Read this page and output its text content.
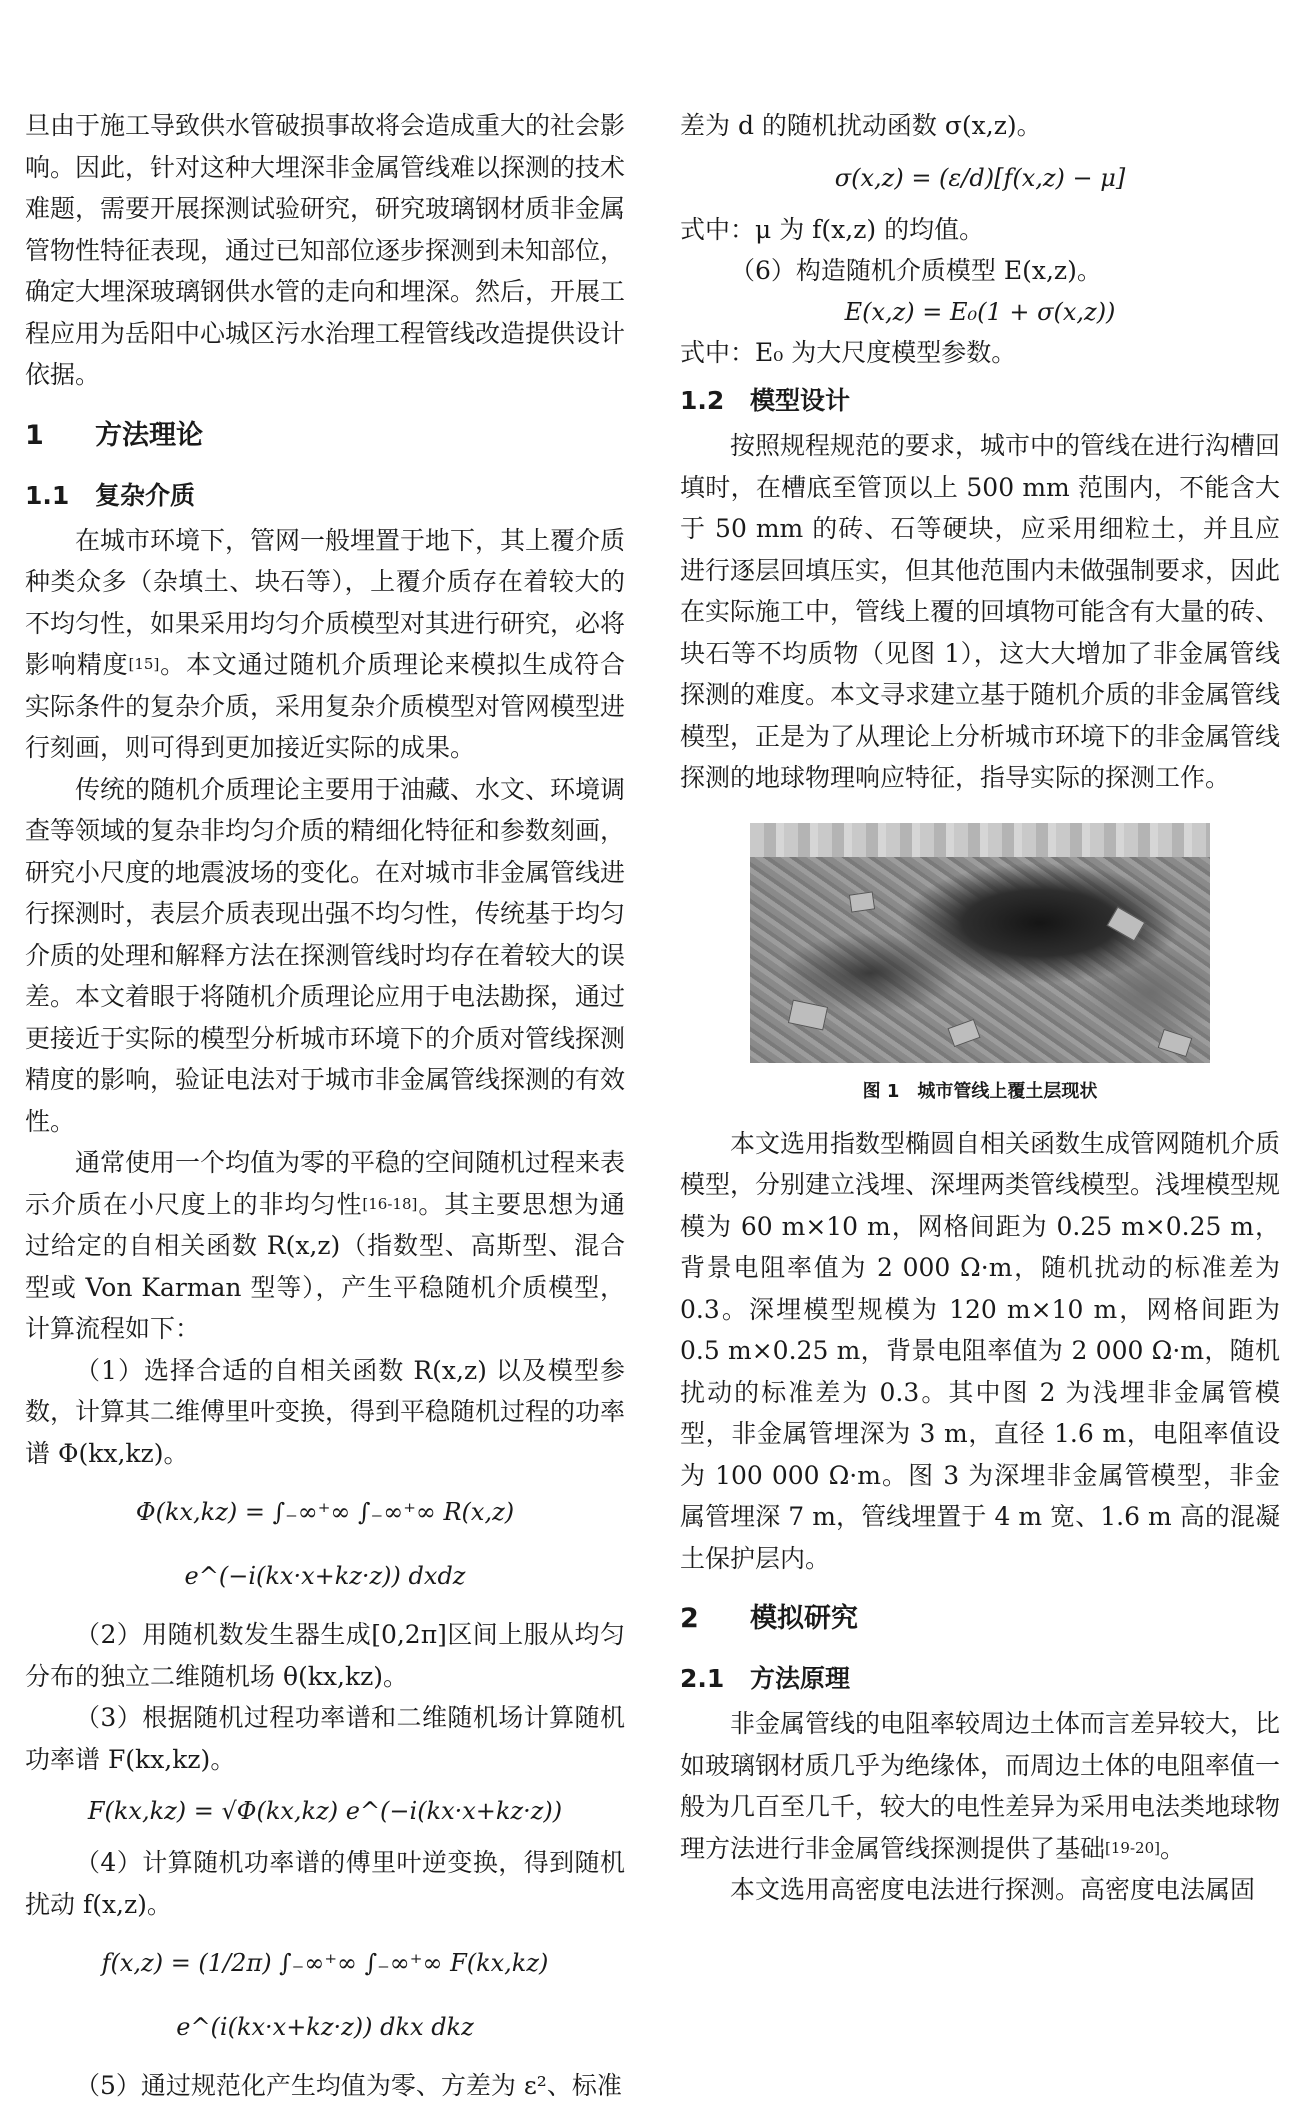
旦由于施工导致供水管破损事故将会造成重大的社会影响。因此，针对这种大埋深非金属管线难以探测的技术难题，需要开展探测试验研究，研究玻璃钢材质非金属管物性特征表现，通过已知部位逐步探测到未知部位，确定大埋深玻璃钢供水管的走向和埋深。然后，开展工程应用为岳阳中心城区污水治理工程管线改造提供设计依据。

1 方法理论
1.1 复杂介质

在城市环境下，管网一般埋置于地下，其上覆介质种类众多（杂填土、块石等），上覆介质存在着较大的不均匀性，如果采用均匀介质模型对其进行研究，必将影响精度[15]。本文通过随机介质理论来模拟生成符合实际条件的复杂介质，采用复杂介质模型对管网模型进行刻画，则可得到更加接近实际的成果。

传统的随机介质理论主要用于油藏、水文、环境调查等领域的复杂非均匀介质的精细化特征和参数刻画，研究小尺度的地震波场的变化。在对城市非金属管线进行探测时，表层介质表现出强不均匀性，传统基于均匀介质的处理和解释方法在探测管线时均存在着较大的误差。本文着眼于将随机介质理论应用于电法勘探，通过更接近于实际的模型分析城市环境下的介质对管线探测精度的影响，验证电法对于城市非金属管线探测的有效性。

通常使用一个均值为零的平稳的空间随机过程来表示介质在小尺度上的非均匀性[16-18]。其主要思想为通过给定的自相关函数 R(x,z)（指数型、高斯型、混合型或 Von Karman 型等），产生平稳随机介质模型，计算流程如下：

（1）选择合适的自相关函数 R(x,z) 以及模型参数，计算其二维傅里叶变换，得到平稳随机过程的功率谱 Φ(kx,kz)。

Φ(kx,kz) = ∫₋∞⁺∞ ∫₋∞⁺∞ R(x,z) e^(−i(kx·x+kz·z)) dxdz

（2）用随机数发生器生成[0,2π]区间上服从均匀分布的独立二维随机场 θ(kx,kz)。

（3）根据随机过程功率谱和二维随机场计算随机功率谱 F(kx,kz)。

F(kx,kz) = √Φ(kx,kz) e^(−i(kx·x+kz·z))

（4）计算随机功率谱的傅里叶逆变换，得到随机扰动 f(x,z)。

f(x,z) = (1/2π) ∫₋∞⁺∞ ∫₋∞⁺∞ F(kx,kz) e^(i(kx·x+kz·z)) dkx dkz

（5）通过规范化产生均值为零、方差为 ε²、标准

差为 d 的随机扰动函数 σ(x,z)。

σ(x,z) = (ε/d)[f(x,z) − μ]

式中：μ 为 f(x,z) 的均值。

（6）构造随机介质模型 E(x,z)。

E(x,z) = E₀(1 + σ(x,z))

式中：E₀ 为大尺度模型参数。

1.2 模型设计

按照规程规范的要求，城市中的管线在进行沟槽回填时，在槽底至管顶以上 500 mm 范围内，不能含大于 50 mm 的砖、石等硬块，应采用细粒土，并且应进行逐层回填压实，但其他范围内未做强制要求，因此在实际施工中，管线上覆的回填物可能含有大量的砖、块石等不均质物（见图 1），这大大增加了非金属管线探测的难度。本文寻求建立基于随机介质的非金属管线模型，正是为了从理论上分析城市环境下的非金属管线探测的地球物理响应特征，指导实际的探测工作。

图 1　城市管线上覆土层现状

本文选用指数型椭圆自相关函数生成管网随机介质模型，分别建立浅埋、深埋两类管线模型。浅埋模型规模为 60 m×10 m，网格间距为 0.25 m×0.25 m，背景电阻率值为 2 000 Ω·m，随机扰动的标准差为 0.3。深埋模型规模为 120 m×10 m，网格间距为 0.5 m×0.25 m，背景电阻率值为 2 000 Ω·m，随机扰动的标准差为 0.3。其中图 2 为浅埋非金属管模型，非金属管埋深为 3 m，直径 1.6 m，电阻率值设为 100 000 Ω·m。图 3 为深埋非金属管模型，非金属管埋深 7 m，管线埋置于 4 m 宽、1.6 m 高的混凝土保护层内。

2 模拟研究
2.1 方法原理

非金属管线的电阻率较周边土体而言差异较大，比如玻璃钢材质几乎为绝缘体，而周边土体的电阻率值一般为几百至几千，较大的电性差异为采用电法类地球物理方法进行非金属管线探测提供了基础[19-20]。

本文选用高密度电法进行探测。高密度电法属固
